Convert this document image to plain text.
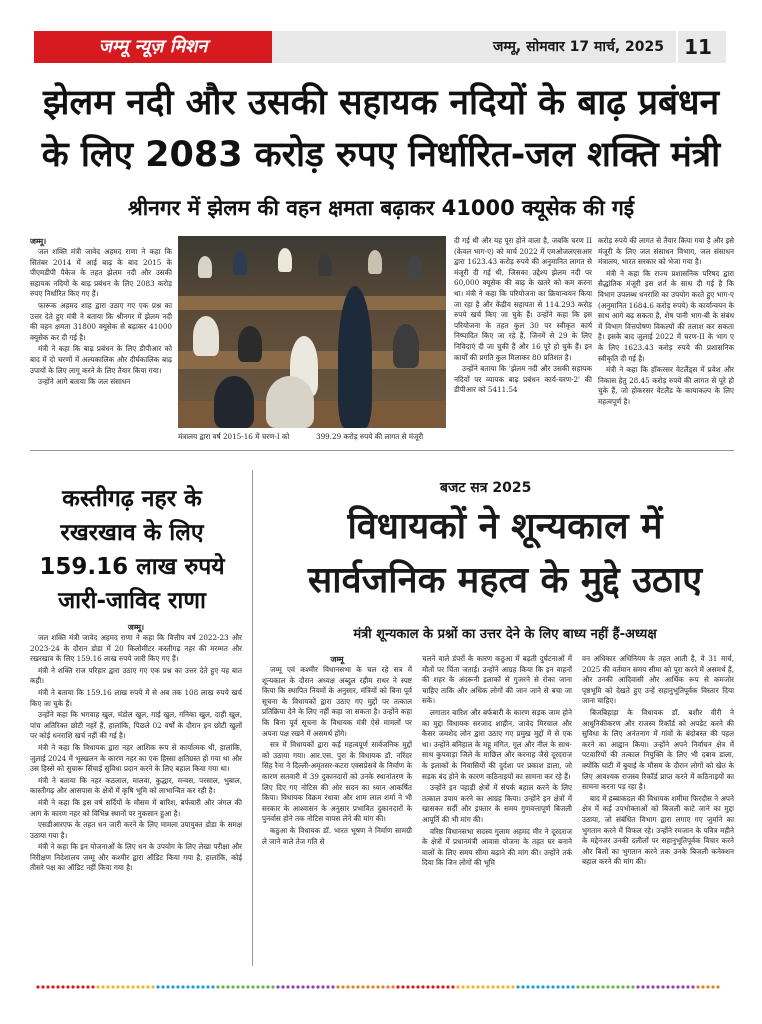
जम्मू न्यूज़ मिशन	जम्मू, सोमवार 17 मार्च, 2025	11
झेलम नदी और उसकी सहायक नदियों के बाढ़ प्रबंधन
के लिए 2083 करोड़ रुपए निर्धारित-जल शक्ति मंत्री
श्रीनगर में झेलम की वहन क्षमता बढ़ाकर 41000 क्यूसेक की गई
जम्मू।

जल शक्ति मंत्री जावेद अहमद राणा ने कहा कि सितंबर 2014 में आई बाढ़ के बाद 2015 के पीएमडीपी पैकेज के तहत झेलम नदी और उसकी सहायक नदियों के बाढ़ प्रबंधन के लिए 2083 करोड़ रुपए निर्धारित किए गए हैं।

फारूक अहमद शाह द्वारा उठाए गए एक प्रश्न का उत्तर देते हुए मंत्री ने बताया कि श्रीनगर में झेलम नदी की वहन क्षमता 31800 क्यूसेक से बढ़ाकर 41000 क्यूसेक कर दी गई है।

मंत्री ने कहा कि बाढ़ प्रबंधन के लिए डीपीआर को बाद में दो चरणों में अल्पकालिक और दीर्घकालिक बाढ़ उपायों के लिए लागू करने के लिए तैयार किया गया।

उन्होंने आगे बताया कि जल संसाधन

मंत्रालय द्वारा वर्ष 2015-16 में चरण-I को	399.29 करोड़ रुपये की लागत से मंजूरी

दी गई थी और यह पूरा होने वाला है, जबकि चरण II (केवल भाग-ए) को मार्च 2022 में एमओजलएसआर द्वारा 1623.43 करोड़ रुपये की अनुमानित लागत से मंजूरी दी गई थी, जिसका उद्देश्य झेलम नदी पर 60,000 क्यूसेक की बाढ़ के खतरे को कम करना था। मंत्री ने कहा कि परियोजना का क्रियान्वयन किया जा रहा है और केंद्रीय सहायता से 114.293 करोड़ रुपये खर्च किए जा चुके हैं। उन्होंने कहा कि इस परियोजना के तहत कुल 30 पर स्वीकृत कार्य निष्पादित किए जा रहे हैं, जिनमें से 29 के लिए निविदाएं दी जा चुकी हैं और 16 पूरे हो चुके हैं। इन कार्यों की प्रगति कुल मिलाकर 80 प्रतिशत है।

उन्होंने बताया कि 'झेलम नदी और उसकी सहायक नदियों पर व्यापक बाढ़ प्रबंधन कार्य-चरण-2' की डीपीआर को 5411.54

करोड़ रुपये की लागत से तैयार किया गया है और इसे मंजूरी के लिए जल संसाधन विभाग, जल संसाधन मंत्रालय, भारत सरकार को भेजा गया है।

मंत्री ने कहा कि राज्य प्रशासनिक परिषद द्वारा सैद्धांतिक मंजूरी इस शर्त के साथ दी गई है कि विभाग उपलब्ध धनराशि का उपयोग करते हुए भाग-ए (अनुमानित 1684.6 करोड़ रुपये) के कार्यान्वयन के साथ आगे बढ़ सकता है, शेष पानी भाग-बी के संबंध में विभाग वित्तपोषण विकल्पों की तलाश कर सकता है। इसके बाद जुलाई 2022 में चरण-II के भाग ए के लिए 1623.43 करोड़ रुपये की प्रशासनिक स्वीकृति दी गई है।

मंत्री ने कहा कि हॉकरसर वेटलैंड्स में प्रवेश और निकास हेतु 28.45 करोड़ रुपये की लागत से पूरे हो चुके हैं, जो होकरसर वेटलैंड के कायाकल्प के लिए महत्वपूर्ण है।

कस्तीगढ़ नहर के रखरखाव के लिए 159.16 लाख रुपये जारी-जाविद राणा
जम्मू।

जल शक्ति मंत्री जावेद अहमद राणा ने कहा कि वित्तीय वर्ष 2022-23 और 2023-24 के दौरान डोडा में 20 किलोमीटर कस्तीगढ़ नहर की मरम्मत और रखरखाव के लिए 159.16 लाख रुपये जारी किए गए हैं।

मंत्री ने शक्ति राज परिहार द्वारा उठाए गए एक प्रश्न का उत्तर देते हुए यह बात कही।

मंत्री ने बताया कि 159.16 लाख रुपये में से अब तक 108 लाख रुपये खर्च किए जा चुके हैं।

उन्होंने कहा कि भगवाह खुल, मंडोल खुल, गाई खुल, गनिका खुल, दाही खुल, पांच अतिरिक्त छोटी नहरें हैं, हालांकि, पिछले 02 वर्षों के दौरान इन छोटी खुलों पर कोई धनराशि खर्च नहीं की गई है।

मंत्री ने कहा कि विधायक द्वारा नहर आशिक रूप से कार्यात्मक थी, हालांकि, जुलाई 2024 में भूस्खलन के कारण नहर का एक हिस्सा क्षतिग्रस्त हो गया था और उस हिस्से को सुचारू सिंचाई सुविधा प्रदान करने के लिए बहाल किया गया था।

मंत्री ने बताया कि नहर कठलाल, मालवा, कुद्धार, मन्वस, परसाल, भुबाल, कास्तीगढ़ और आसपास के क्षेत्रों में कृषि भूमि को लाभान्वित कर रही है।

मंत्री ने कहा कि इस वर्ष सर्दियों के मौसम में बारिश, बर्फबारी और जंगल की आग के कारण नहर को विभिन्न स्थानों पर नुकसान हुआ है।

एसडीआरएफ के तहत धन जारी करने के लिए मामला उपायुक्त डोडा के समक्ष उठाया गया है।

मंत्री ने कहा कि इन योजनाओं के लिए धन के उपयोग के लिए लेखा परीक्षा और निरीक्षण निदेशालय जम्मू और कश्मीर द्वारा ऑडिट किया गया है, हालांकि, कोई तीसरे पक्ष का ऑडिट नहीं किया गया है।

बजट सत्र 2025
विधायकों ने शून्यकाल में
सार्वजनिक महत्व के मुद्दे उठाए
मंत्री शून्यकाल के प्रश्नों का उत्तर देने के लिए बाध्य नहीं हैं-अध्यक्ष
जम्मू

जम्मू एवं कश्मीर विधानसभा के चल रहे सत्र में शून्यकाल के दौरान अध्यक्ष अब्दुल रहीम राथर ने स्पष्ट किया कि स्थापित नियमों के अनुसार, मंत्रियों को बिना पूर्व सूचना के विधायकों द्वारा उठाए गए मुद्दों पर तत्काल प्रतिक्रिया देने के लिए नहीं कहा जा सकता है। उन्होंने कहा कि बिना पूर्व सूचना के विधायक मंत्री ऐसे मामलों पर अपना पक्ष रखने में असमर्थ होंगे।

सत्र में विधायकों द्वारा कई महत्वपूर्ण सार्वजनिक मुद्दों को उठाया गया। आर.एस. पुरा के विधायक डॉ. नरिंदर सिंह रैना ने दिल्ली-अमृतसर-कटरा एक्सप्रेसवे के निर्माण के कारण सतवारी में 39 दुकानदारों को उनके स्थानांतरण के लिए दिए गए नोटिस की ओर सदन का ध्यान आकर्षित किया। विधायक विक्रम रंधावा और शाम लाल शर्मा ने भी सरकार के आश्वासन के अनुसार प्रभावित दुकानदारों के पुनर्वास होने तक नोटिस वापस लेने की मांग की।

कठुआ के विधायक डॉ. भारत भूषण ने निर्माण सामग्री ले जाने वाले तेज गति से

चलने वाले डंपरों के कारण कठुआ में बढ़ती दुर्घटनाओं में मौतों पर चिंता जताई। उन्होंने आग्रह किया कि इन वाहनों की शहर के अंदरूनी इलाकों से गुजरने से रोका जाना चाहिए ताकि और अधिक लोगों की जान जाने से बचा जा सके।

लगातार बारिश और बर्फबारी के कारण सड़क जाम होने का मुद्दा विधायक सरजाद शाहीन, जावेद मिरचाल और कैसर जमशेद लोन द्वारा उठाए गए प्रमुख मुद्दों में से एक था। उन्होंने बनिहाल के महू मंगित, गूल और नील के साथ-साथ कुपवाड़ा जिले के माछिल और करनाह जैसे दूरदराज के इलाकों के निवासियों की दुर्दशा पर प्रकाश डाला, जो सड़क बंद होने के कारण कठिनाइयों का सामना कर रहे हैं।

उन्होंने इन पहाड़ी क्षेत्रों में संपर्क बहाल करने के लिए तत्काल उपाय करने का आग्रह किया। उन्होंने इन क्षेत्रों में खासकर सर्दी और इफ्तार के समय गुणवत्तापूर्ण बिजली आपूर्ति की भी मांग की।

वरिष्ठ विधानसभा सदस्य गुलाम अहमद मीर ने दूरदराज के क्षेत्रों में प्रधानमंत्री आवास योजना के तहत घर बनाने वालों के लिए समय सीमा बढ़ाने की मांग की। उन्होंने तर्क दिया कि जिन लोगों की भूमि

वन अधिकार अधिनियम के तहत आती है, वे 31 मार्च, 2025 की वर्तमान समय सीमा को पूरा करने में असमर्थ हैं, और उनकी आदिवासी और आर्थिक रूप से कमजोर पृष्ठभूमि को देखते हुए उन्हें सहानुभूतिपूर्वक विस्तार दिया जाना चाहिए।

बिजबिहाड़ा के विधायक डॉ. बशीर वीरी ने आधुनिकीकरण और राजस्व रिकॉर्ड को अपडेट करने की सुविधा के लिए अनंतनाग में गांवों के बंदोबस्त की पहल करने का आह्वान किया। उन्होंने अपने निर्वाचन क्षेत्र में पटवारियों की तत्काल नियुक्ति के लिए भी दबाव डाला, क्योंकि घाटी में बुवाई के मौसम के दौरान लोगों को खेत के लिए आवश्यक राजस्व रिकॉर्ड प्राप्त करने में कठिनाइयों का सामना करना पड़ रहा है।

बाद में हब्बाकदल की विधायक शमीमा फिरदौस ने अपने क्षेत्र में कई उपभोक्ताओं को बिजली काटे जाने का मुद्दा उठाया, जो संबंधित विभाग द्वारा लगाए गए जुर्माने का भुगतान करने में विफल रहे। उन्होंने रमजान के पवित्र महीने के मद्देनजर उनकी दलीलों पर सहानुभूतिपूर्वक विचार करने और बिलों का भुगतान करने तक उनके बिजली कनेक्शन बहाल करने की मांग की।
